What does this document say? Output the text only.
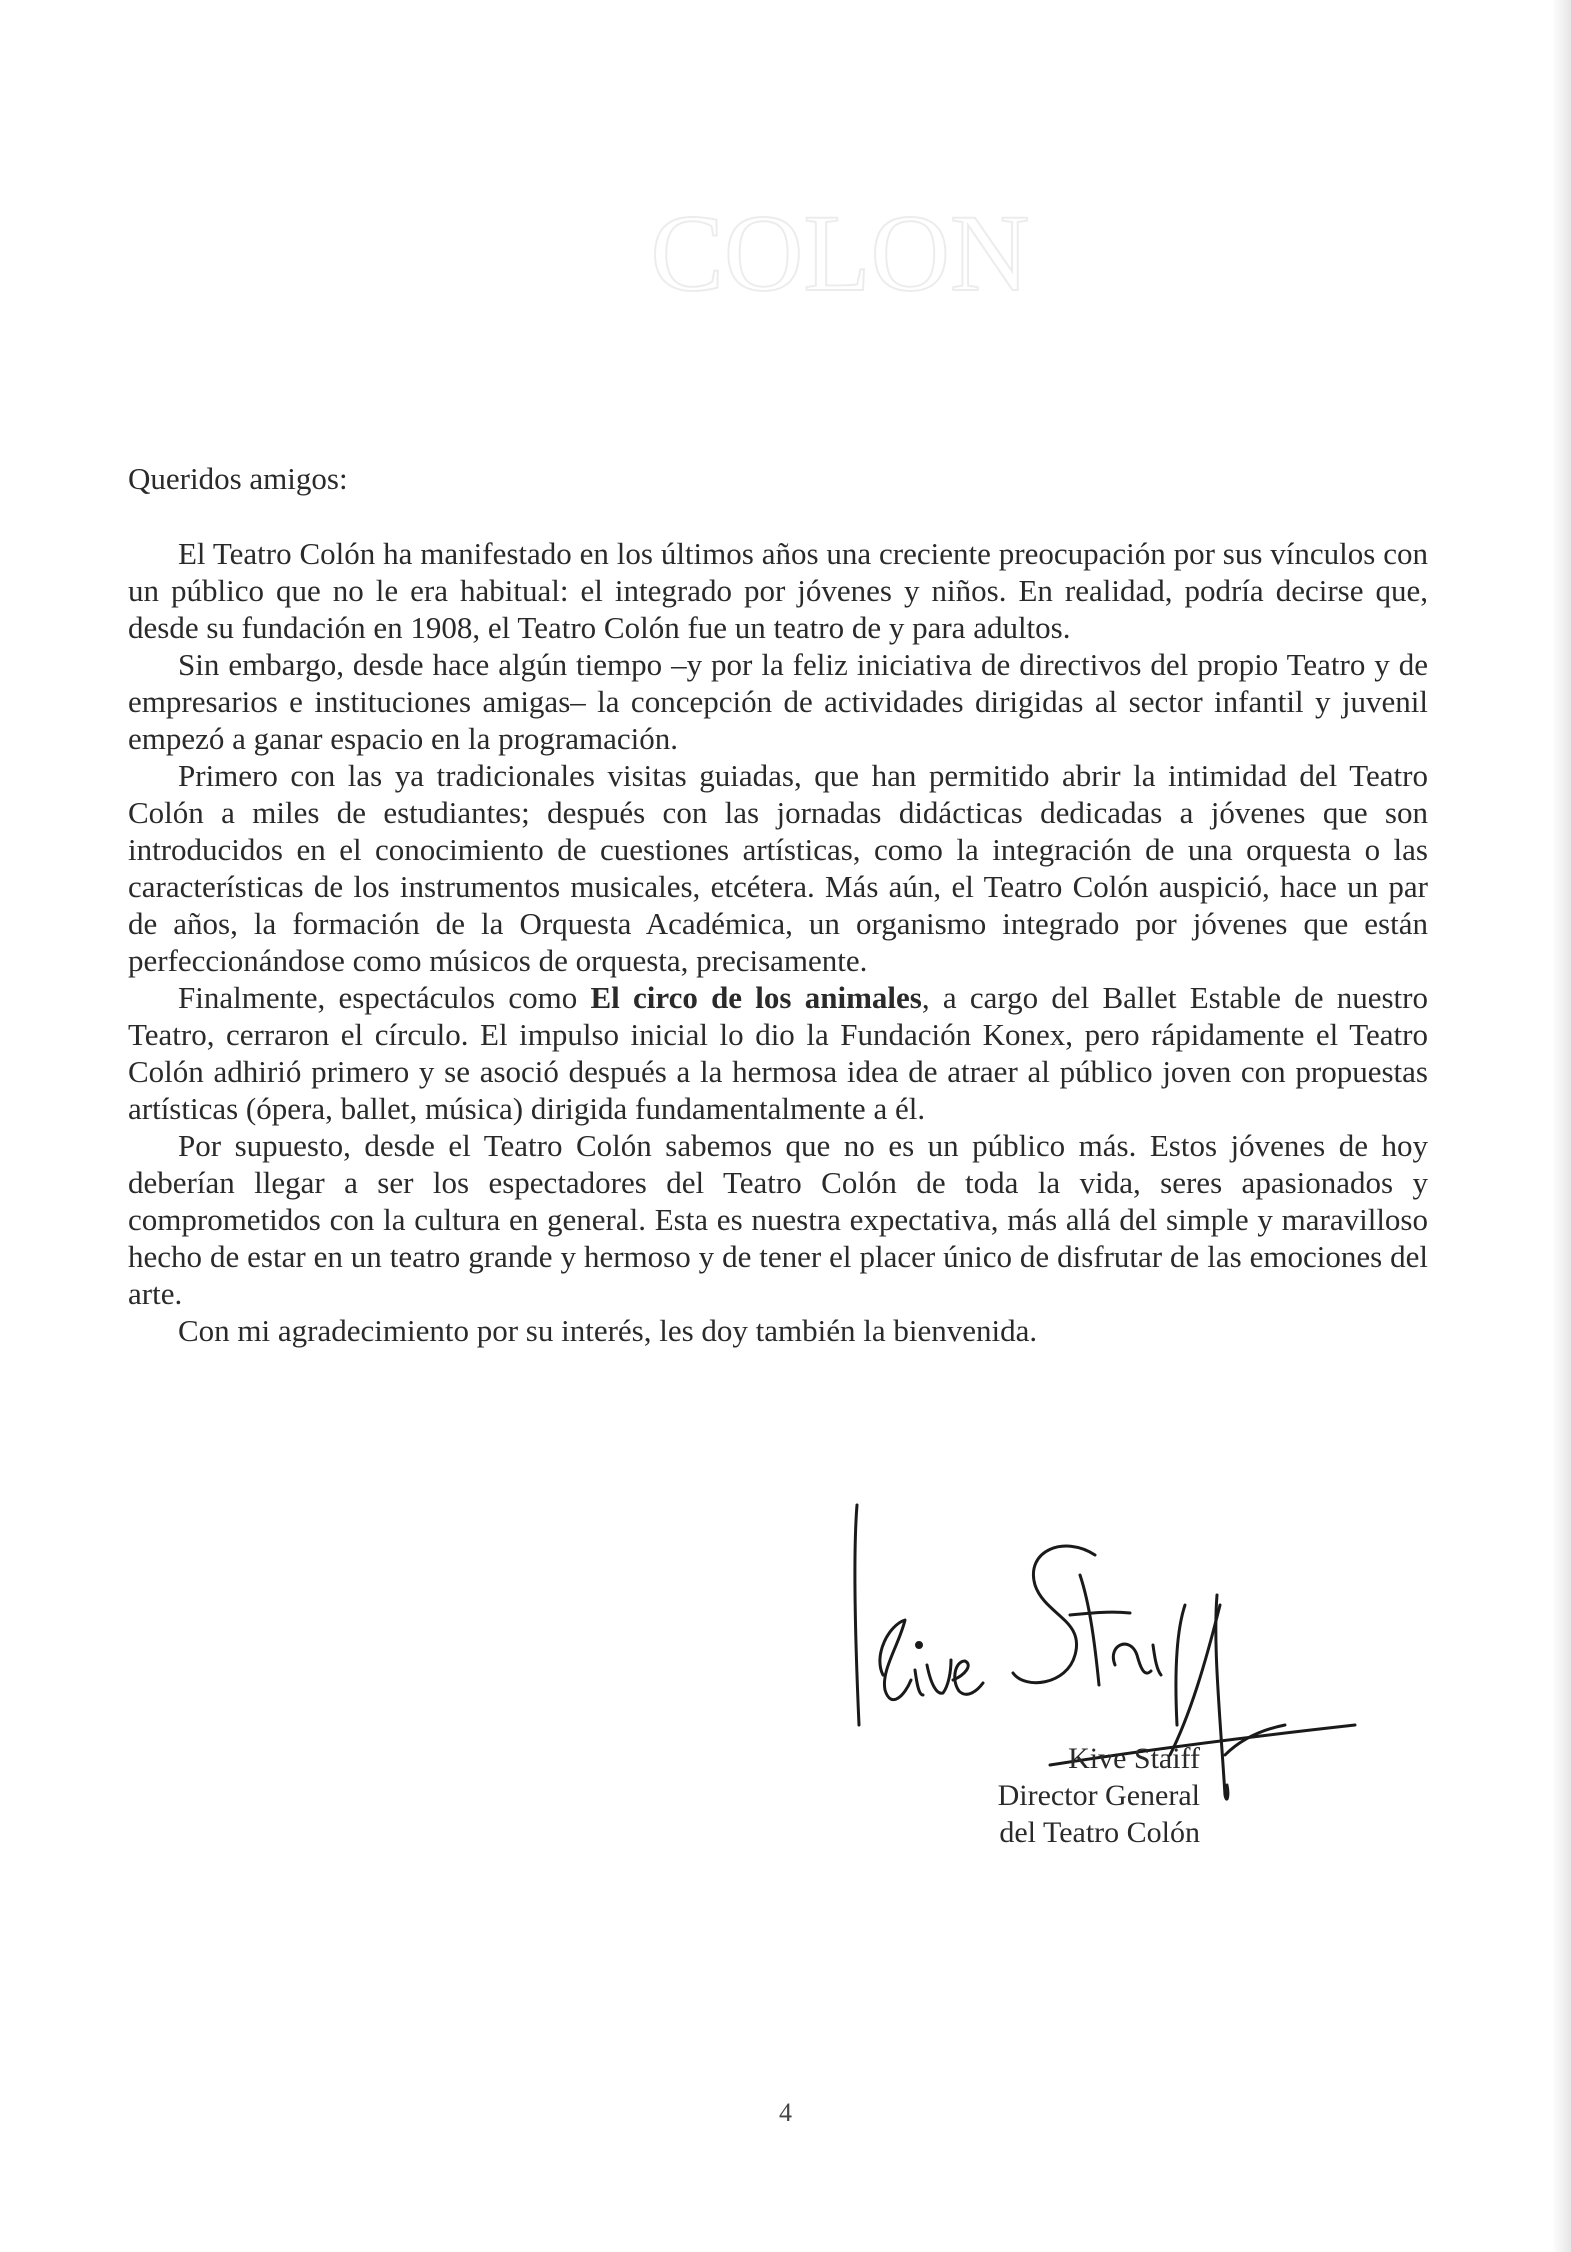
COLON

Queridos amigos:

El Teatro Colón ha manifestado en los últimos años una creciente preocupación por sus vínculos con un público que no le era habitual: el integrado por jóvenes y niños. En realidad, podría decirse que, desde su fundación en 1908, el Teatro Colón fue un teatro de y para adultos.

Sin embargo, desde hace algún tiempo –y por la feliz iniciativa de directivos del propio Teatro y de empresarios e instituciones amigas– la concepción de actividades dirigidas al sector infantil y juvenil empezó a ganar espacio en la programación.

Primero con las ya tradicionales visitas guiadas, que han permitido abrir la intimidad del Teatro Colón a miles de estudiantes; después con las jornadas didácticas dedicadas a jóvenes que son introducidos en el conocimiento de cuestiones artísticas, como la integración de una orquesta o las características de los instrumentos musicales, etcétera. Más aún, el Teatro Colón auspició, hace un par de años, la formación de la Orquesta Académica, un organismo integrado por jóvenes que están perfeccionándose como músicos de orquesta, precisamente.

Finalmente, espectáculos como El circo de los animales, a cargo del Ballet Estable de nuestro Teatro, cerraron el círculo. El impulso inicial lo dio la Fundación Konex, pero rápidamente el Teatro Colón adhirió primero y se asoció después a la hermosa idea de atraer al público joven con propuestas artísticas (ópera, ballet, música) dirigida fundamentalmente a él.

Por supuesto, desde el Teatro Colón sabemos que no es un público más. Estos jóvenes de hoy deberían llegar a ser los espectadores del Teatro Colón de toda la vida, seres apasionados y comprometidos con la cultura en general. Esta es nuestra expectativa, más allá del simple y maravilloso hecho de estar en un teatro grande y hermoso y de tener el placer único de disfrutar de las emociones del arte.

Con mi agradecimiento por su interés, les doy también la bienvenida.

Kive Staiff
Director General
del Teatro Colón
4
